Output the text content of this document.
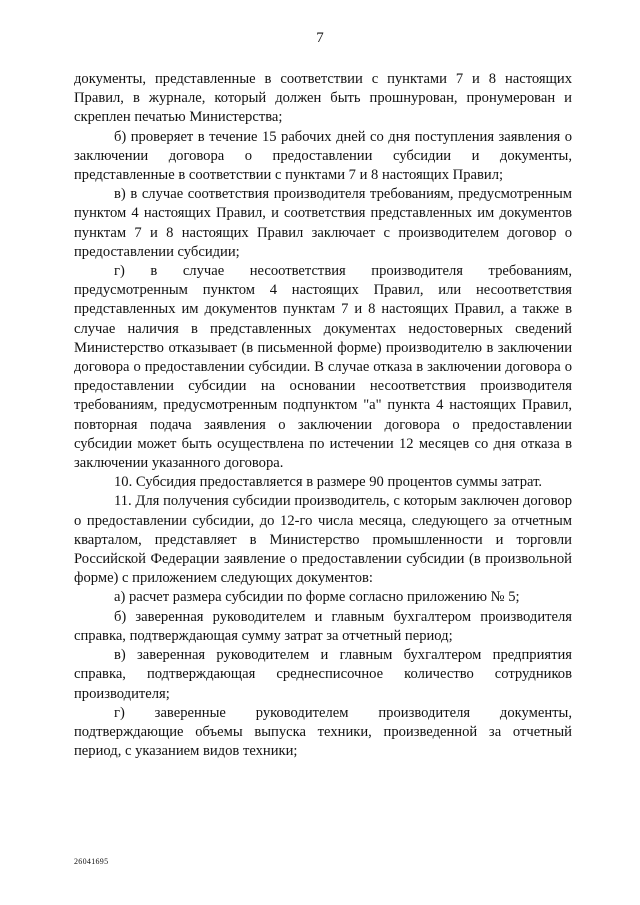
7

документы, представленные в соответствии с пунктами 7 и 8 настоящих Правил, в журнале, который должен быть прошнурован, пронумерован и скреплен печатью Министерства;

б) проверяет в течение 15 рабочих дней со дня поступления заявления о заключении договора о предоставлении субсидии и документы, представленные в соответствии с пунктами 7 и 8 настоящих Правил;

в) в случае соответствия производителя требованиям, предусмотренным пунктом 4 настоящих Правил, и соответствия представленных им документов пунктам 7 и 8 настоящих Правил заключает с производителем договор о предоставлении субсидии;

г) в случае несоответствия производителя требованиям, предусмотренным пунктом 4 настоящих Правил, или несоответствия представленных им документов пунктам 7 и 8 настоящих Правил, а также в случае наличия в представленных документах недостоверных сведений Министерство отказывает (в письменной форме) производителю в заключении договора о предоставлении субсидии. В случае отказа в заключении договора о предоставлении субсидии на основании несоответствия производителя требованиям, предусмотренным подпунктом "а" пункта 4 настоящих Правил, повторная подача заявления о заключении договора о предоставлении субсидии может быть осуществлена по истечении 12 месяцев со дня отказа в заключении указанного договора.

10. Субсидия предоставляется в размере 90 процентов суммы затрат.

11. Для получения субсидии производитель, с которым заключен договор о предоставлении субсидии, до 12-го числа месяца, следующего за отчетным кварталом, представляет в Министерство промышленности и торговли Российской Федерации заявление о предоставлении субсидии (в произвольной форме) с приложением следующих документов:

а) расчет размера субсидии по форме согласно приложению № 5;

б) заверенная руководителем и главным бухгалтером производителя справка, подтверждающая сумму затрат за отчетный период;

в) заверенная руководителем и главным бухгалтером предприятия справка, подтверждающая среднесписочное количество сотрудников производителя;

г) заверенные руководителем производителя документы, подтверждающие объемы выпуска техники, произведенной за отчетный период, с указанием видов техники;

26041695
